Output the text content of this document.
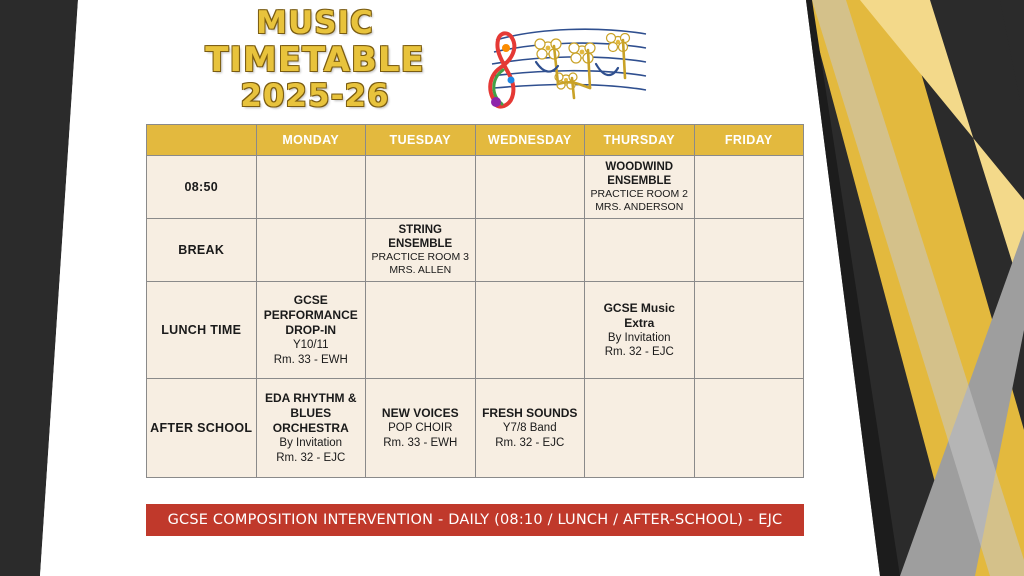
MUSIC
TIMETABLE
2025-26
	MONDAY	TUESDAY	WEDNESDAY	THURSDAY	FRIDAY
08:50				WOODWIND ENSEMBLE
PRACTICE ROOM 2
MRS. ANDERSON	

BREAK		STRING ENSEMBLE
PRACTICE ROOM 3
MRS. ALLEN			

LUNCH TIME	GCSE PERFORMANCE DROP-IN
Y10/11
Rm. 33 - EWH			GCSE Music Extra
By Invitation
Rm. 32 - EJC	

AFTER SCHOOL	EDA RHYTHM & BLUES ORCHESTRA
By Invitation
Rm. 32 - EJC	NEW VOICES
POP CHOIR
Rm. 33 - EWH	FRESH SOUNDS
Y7/8 Band
Rm. 32 - EJC		

GCSE COMPOSITION INTERVENTION - DAILY (08:10 / LUNCH / AFTER-SCHOOL) - EJC
